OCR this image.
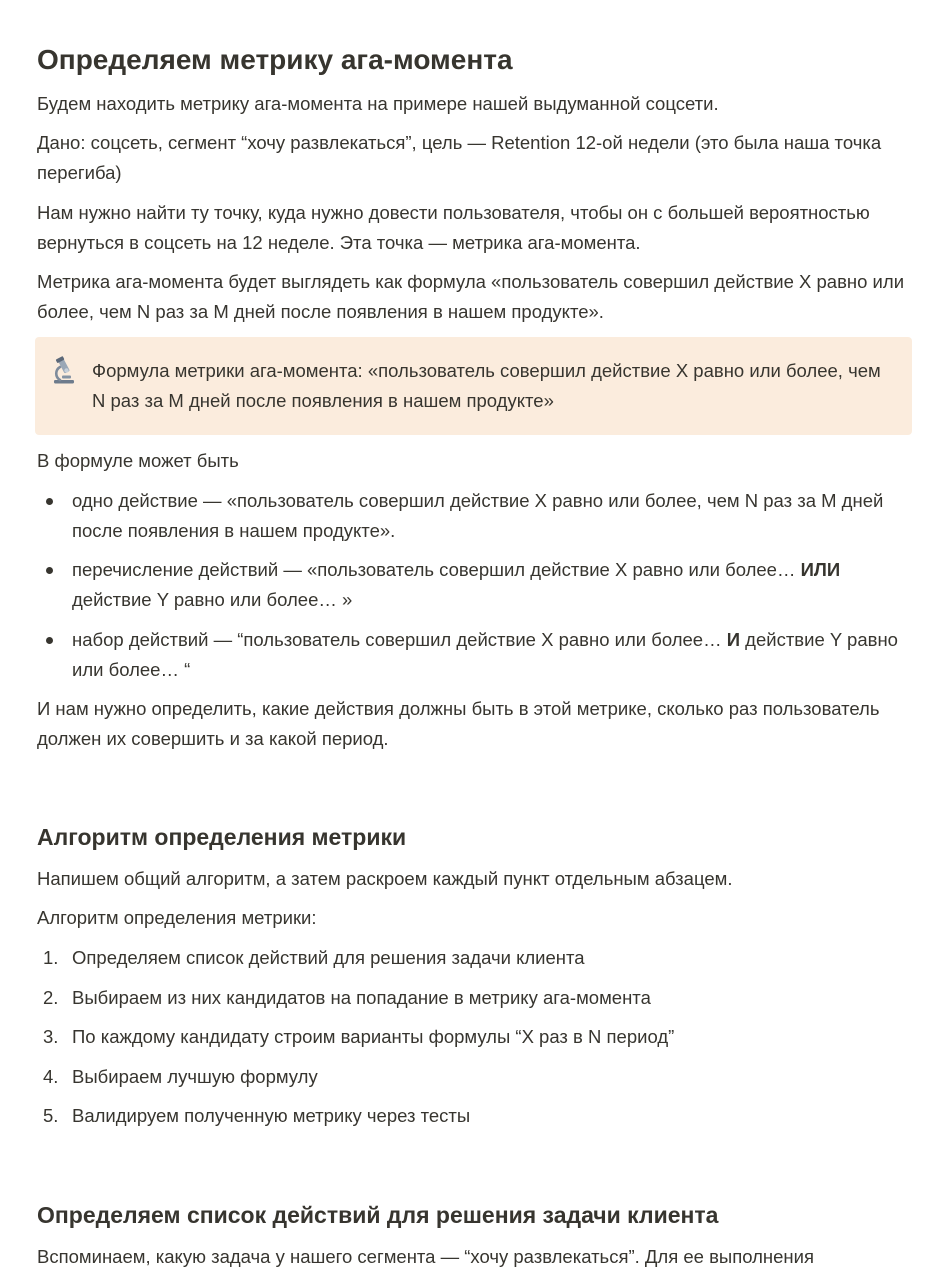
Определяем метрику ага-момента

Будем находить метрику ага-момента на примере нашей выдуманной соцсети.

Дано: соцсеть, сегмент “хочу развлекаться”, цель — Retention 12-ой недели (это была наша точка перегиба)

Нам нужно найти ту точку, куда нужно довести пользователя, чтобы он с большей вероятностью вернуться в соцсеть на 12 неделе. Эта точка — метрика ага-момента.

Метрика ага-момента будет выглядеть как формула «пользователь совершил действие X равно или более, чем N раз за M дней после появления в нашем продукте».

Формула метрики ага-момента: «пользователь совершил действие X равно или более, чем N раз за M дней после появления в нашем продукте»

В формуле может быть

одно действие — «пользователь совершил действие X равно или более, чем N раз за M дней после появления в нашем продукте».
перечисление действий — «пользователь совершил действие X равно или более… ИЛИ действие Y равно или более… »
набор действий — “пользователь совершил действие X равно или более… И действие Y равно или более… “

И нам нужно определить, какие действия должны быть в этой метрике, сколько раз пользователь должен их совершить и за какой период.

Алгоритм определения метрики

Напишем общий алгоритм, а затем раскроем каждый пункт отдельным абзацем.

Алгоритм определения метрики:

1. Определяем список действий для решения задачи клиента
2. Выбираем из них кандидатов на попадание в метрику ага-момента
3. По каждому кандидату строим варианты формулы “X раз в N период”
4. Выбираем лучшую формулу
5. Валидируем полученную метрику через тесты
Определяем список действий для решения задачи клиента

Вспоминаем, какую задача у нашего сегмента — “хочу развлекаться”. Для ее выполнения
